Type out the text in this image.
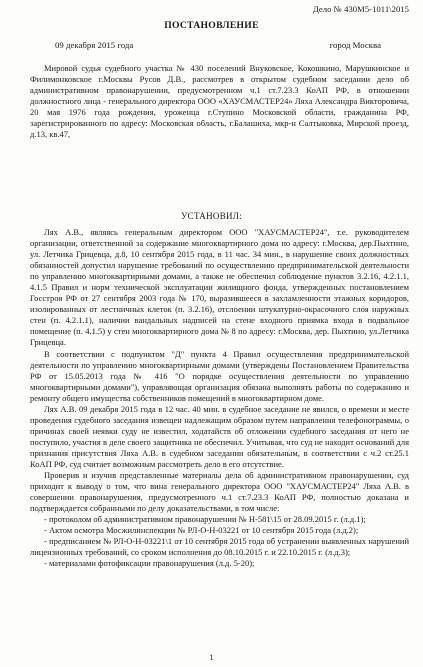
Дело № 430М5-1011\2015
ПОСТАНОВЛЕНИЕ
09 декабря 2015 года	город Москва

Мировой судья судебного участка № 430 поселений Внуковское, Кокошкино, Марушкинское и Филимонковское г.Москвы Русов Д.В., рассмотрев в открытом судебном заседании дело об административном правонарушении, предусмотренном ч.1 ст.7.23.3 КоАП РФ, в отношении должностного лица - генерального директора ООО «ХАУСМАСТЕР24» Ляха Александра Викторовича, 20 мая 1976 года рождения, уроженца г.Ступино Московской области, гражданина РФ, зарегистрированного по адресу: Московская область, г.Балашиха, мкр-н Салтыковка, Мирской проезд, д.13, кв.47,

УСТАНОВИЛ:

Лях А.В., являясь генеральным директором ООО "ХАУСМАСТЕР24", т.е. руководителем организации, ответственной за содержание многоквартирного дома по адресу: г.Москва, дер.Пыхтино, ул. Летчика Грицевца, д.8, 10 сентября 2015 года, в 11 час. 34 мин., в нарушение своих должностных обязанностей допустил нарушение требований по осуществлению предпринимательской деятельности по управлению многоквартирными домами, а также не обеспечил соблюдение пунктов 3.2.16, 4.2.1.1, 4.1.5 Правил и норм технической эксплуатации жилищного фонда, утвержденных постановлением Госстроя РФ от 27 сентября 2003 года № 170, выразившееся в захламленности этажных коридоров, изолированных от лестничных клеток (п. 3.2.16), отслоении штукатурно-окрасочного слоя наружных стен (п. 4.2.1.1), наличии вандальных надписей на стене входного приямка входа в подвальное помещение (п. 4.1.5) у стен многоквартирного дома № 8 по адресу: г.Москва, дер. Пыхтино, ул.Летчика Грицевца.

В соответствии с подпунктом "Д" пункта 4 Правил осуществления предпринимательской деятельности по управлению многоквартирными домами (утверждены Постановлением Правительства РФ от 15.05.2013 года № 416 "О порядке осуществления деятельности по управлению многоквартирными домами"), управляющая организация обязана выполнять работы по содержанию и ремонту общего имущества собственников помещений в многоквартирном доме.

Лях А.В. 09 декабря 2015 года в 12 час. 40 мин. в судебное заседание не явился, о времени и месте проведения судебного заседания извещен надлежащим образом путем направления телефонограммы, о причинах своей неявки суду не известил, ходатайств об отложении судебного заседания от него не поступило, участия в деле своего защитника не обеспечил. Учитывая, что суд не находит оснований для признания присутствия Ляха А.В. в судебном заседании обязательным, в соответствии с ч.2 ст.25.1 КоАП РФ, суд считает возможным рассмотреть дело в его отсутствие.

Проверив и изучив представленные материалы дела об административном правонарушении, суд приходит к выводу о том, что вина генерального директора ООО "ХАУСМАСТЕР24" Ляха А.В. в совершении правонарушения, предусмотренного ч.1 ст.7.23.3 КоАП РФ, полностью доказана и подтверждается собранными по делу доказательствами, в том числе:

- протоколом об административном правонарушении № Н-581\15 от 28.09.2015 г. (л.д.1);

- Актом осмотра Мосжилинспекции № РЛ-О-Н-03221 от 10 сентября 2015 года (л.д.2);

- предписанием № РЛ-О-Н-03221\1 от 10 сентября 2015 года об устранении выявленных нарушений лицензионных требований, со сроком исполнения до 08.10.2015 г. и 22.10.2015 г. (л.д.3);

- материалами фотофиксации правонарушения (л.д. 5-20);

1
